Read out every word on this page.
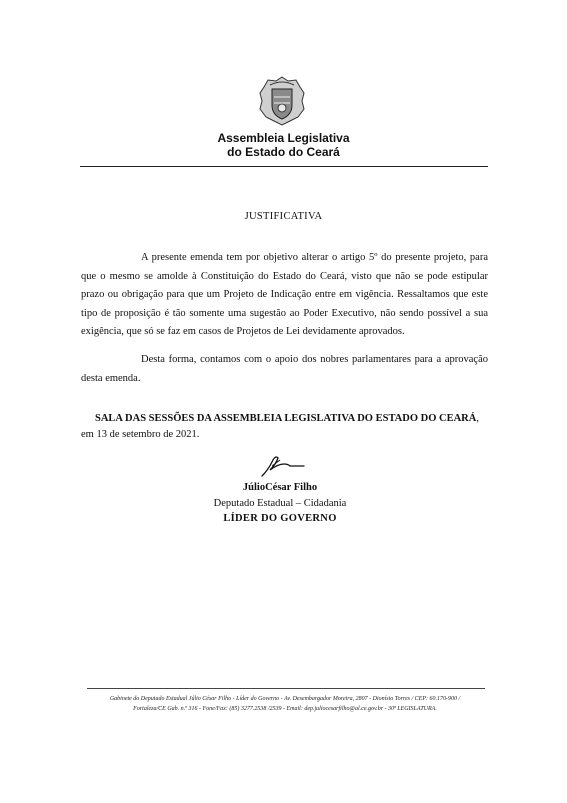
Assembleia Legislativa
do Estado do Ceará
JUSTIFICATIVA

A presente emenda tem por objetivo alterar o artigo 5º do presente projeto, para que o mesmo se amolde à Constituição do Estado do Ceará, visto que não se pode estipular prazo ou obrigação para que um Projeto de Indicação entre em vigência. Ressaltamos que este tipo de proposição é tão somente uma sugestão ao Poder Executivo, não sendo possível a sua exigência, que só se faz em casos de Projetos de Lei devidamente aprovados.

Desta forma, contamos com o apoio dos nobres parlamentares para a aprovação desta emenda.

SALA DAS SESSÕES DA ASSEMBLEIA LEGISLATIVA DO ESTADO DO CEARÁ, em 13 de setembro de 2021.

JúlioCésar Filho
Deputado Estadual – Cidadania
LÍDER DO GOVERNO
Gabinete do Deputado Estadual Júlio César Filho - Líder do Governo - Av. Desembargador Moreira, 2807 - Dionísio Torres / CEP: 60.170-900 /
Fortaleza/CE Gab. n.º 316 - Fone/Fax: (85) 3277.2538 /2539 - Email: dep.juliocesarfilho@al.ce.gov.br - 30ª LEGISLATURA.
